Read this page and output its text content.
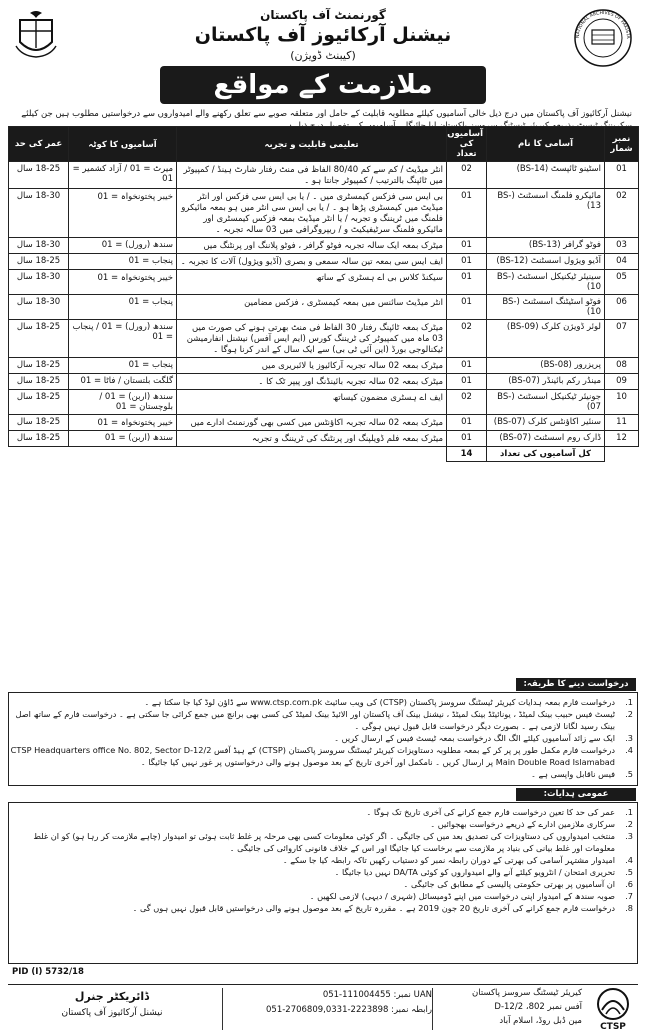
گورنمنٹ آف پاکستان
نیشنل آرکائیوز آف پاکستان
(کیبنٹ ڈویژن)
NATIONAL ARCHIVES OF PAKISTA
ملازمت کے مواقع
نیشنل آرکائیوز آف پاکستان میں درج ذیل خالی آسامیوں کیلئے مطلوبہ قابلیت کے حامل اور متعلقہ صوبے سے تعلق رکھنے والے امیدواروں سے درخواستیں مطلوب ہیں جن کیلئے
نمبر شمار	آسامی کا نام	آسامیوں کی تعداد	تعلیمی قابلیت و تجربہ	آسامیوں کا کوٹہ	عمر کی حد
01	اسٹینو ٹائپسٹ (BS-14)	02	انٹر میڈیٹ / کم سے کم 80/40 الفاظ فی منٹ رفتار شارٹ ہینڈ / کمپیوٹر میں ٹائپنگ بالترتیب / کمپیوٹر جانتا ہو ۔	میرٹ = 01 / آزاد کشمیر = 01	18-25 سال
02	مائیکرو فلمنگ اسسٹنٹ (BS-13)	01	بی ایس سی فزکس کیمسٹری میں ۔ / یا بی ایس سی فزکس اور انٹر میڈیٹ میں کیمسٹری پڑھا ہو ۔ / یا بی ایس سی انٹر میں ہو بمعہ مائیکرو فلمنگ میں ٹریننگ و تجربہ / یا انٹر میڈیٹ بمعہ فزکس کیمسٹری اور مائیکرو فلمنگ سرٹیفیکیٹ و / ریپروگرافی میں 03 سالہ تجربہ ۔	خیبر پختونخواہ = 01	18-30 سال
03	فوٹو گرافر (BS-13)	01	میٹرک بمعہ ایک سالہ تجربہ فوٹو گرافر ، فوٹو پلاننگ اور پرنٹنگ میں	سندھ (رورل) = 01	18-30 سال
04	آڈیو ویژول اسسٹنٹ (BS-12)	01	ایف ایس سی بمعہ تین سالہ سمعی و بصری (آڈیو ویژول) آلات کا تجربہ ۔	پنجاب = 01	18-25 سال
05	سینیئر ٹیکنیکل اسسٹنٹ (BS-10)	01	سیکنڈ کلاس بی اے ہسٹری کے ساتھ	خیبر پختونخواہ = 01	18-30 سال
06	فوٹو اسٹیٹنگ اسسٹنٹ (BS-10)	01	انٹر میڈیٹ سائنس میں بمعہ کیمسٹری ، فزکس مضامین	پنجاب = 01	18-30 سال
07	لوئر ڈویژن کلرک (BS-09)	02	میٹرک بمعہ ٹائپنگ رفتار 30 الفاظ فی منٹ بھرتی ہونے کی صورت میں 03 ماہ میں کمپیوٹر کی ٹریننگ کورس (ایم ایس آفس) نیشنل انفارمیشن ٹیکنالوجی بورڈ (این آئی ٹی بی) سے ایک سال کے اندر کرنا ہوگا ۔	سندھ (رورل) = 01 / پنجاب = 01	18-25 سال
08	پریزرور (BS-08)	01	میٹرک بمعہ 02 سالہ تجربہ آرکائیوز یا لائبریری میں	پنجاب = 01	18-25 سال
09	مینڈر رکم بائینڈر (BS-07)	01	میٹرک بمعہ 02 سالہ تجربہ بائینڈنگ اور پیپر ٹک کا ۔	گلگت بلتستان / فاٹا = 01	18-25 سال
10	جونیئر ٹیکنیکل اسسٹنٹ (BS-07)	02	ایف اے ہسٹری مضمون کیساتھ	سندھ (اربن) = 01 / بلوچستان = 01	18-25 سال
11	سنئیر اکاؤنٹس کلرک (BS-07)	01	میٹرک بمعہ 02 سالہ تجربہ اکاؤنٹس میں کسی بھی گورنمنٹ ادارے میں	خیبر پختونخواہ = 01	18-25 سال
12	ڈارک روم اسسٹنٹ (BS-07)	01	میٹرک بمعہ فلم ڈویلپنگ اور پرنٹنگ کی ٹریننگ و تجربہ	سندھ (اربن) = 01	18-25 سال
	کل آسامیوں کی تعداد	14			
درخواست دینے کا طریقہ:
1.
درخواست فارم بمعہ ہدایات کیریئر ٹیسٹنگ سروسز پاکستان (CTSP) کی ویب سائیٹ www.ctsp.com.pk سے ڈاؤن لوڈ کیا جا سکتا ہے ۔
2.
ٹیسٹ فیس حبیب بینک لمیٹڈ ، یونائیٹڈ بینک لمیٹڈ ، نیشنل بینک آف پاکستان اور الائیڈ بینک لمیٹڈ کی کسی بھی برانچ میں جمع کرائی جا سکتی ہے ۔ درخواست فارم کے ساتھ اصل بینک رسید لگانا لازمی ہے ۔ بصورت دیگر درخواست قابل قبول نہیں ہوگی ۔
3.
ایک سے زائد آسامیوں کیلئے الگ الگ درخواست بمعہ ٹیسٹ فیس کے ارسال کریں ۔
4.
درخواست فارم مکمل طور پر پر کر کے بمعہ مطلوبہ دستاویزات کیریئر ٹیسٹنگ سروسز پاکستان (CTSP) کے ہیڈ آفس CTSP Headquarters office No. 802, Sector D-12/2 Main Double Road Islamabad پر ارسال کریں ۔ نامکمل اور آخری تاریخ کے بعد موصول ہونے والی درخواستوں پر غور نہیں کیا جائیگا ۔
5.
فیس ناقابل واپسی ہے ۔
عمومی ہدایات:
1.
عمر کی حد کا تعین درخواست فارم جمع کرانے کی آخری تاریخ تک ہوگا ۔
2.
سرکاری ملازمین ادارے کے ذریعے درخواست بھجوائیں ۔
3.
منتخب امیدواروں کی دستاویزات کی تصدیق بعد میں کی جائیگی ۔ اگر کوئی معلومات کسی بھی مرحلہ پر غلط ثابت ہوئی تو امیدوار (چاہے ملازمت کر رہا ہو) کو ان غلط معلومات اور غلط بیانی کی بنیاد پر ملازمت سے برخاست کیا جائیگا اور اس کے خلاف قانونی کاروائی کی جائیگی ۔
4.
امیدوار مشتہر آسامی کی بھرتی کے دوران رابطہ نمبر کو دستیاب رکھیں تاکہ رابطہ کیا جا سکے ۔
5.
تحریری امتحان / انٹرویو کیلئے آنے والے امیدواروں کو کوئی DA/TA نہیں دیا جائیگا ۔
6.
ان آسامیوں پر بھرتی حکومتی پالیسی کے مطابق کی جائیگی ۔
7.
صوبہ سندھ کے امیدوار اپنی درخواست میں اپنے ڈومیسائل (شہری / دیہی) لازمی لکھیں ۔
8.
درخواست فارم جمع کرانے کی آخری تاریخ 20 جون 2019 ہے ۔ مقررہ تاریخ کے بعد موصول ہونے والی درخواستیں قابل قبول نہیں ہوں گی ۔
PID (I) 5732/18
ڈائریکٹر جنرل
نیشنل آرکائیوز آف پاکستان
UAN نمبر: 051-111004455
رابطہ نمبر: 051-2706809,0331-2223898
کیریئر ٹیسٹنگ سروسز پاکستان
آفس نمبر 802، D-12/2
مین ڈبل روڈ، اسلام آباد
CTSP
